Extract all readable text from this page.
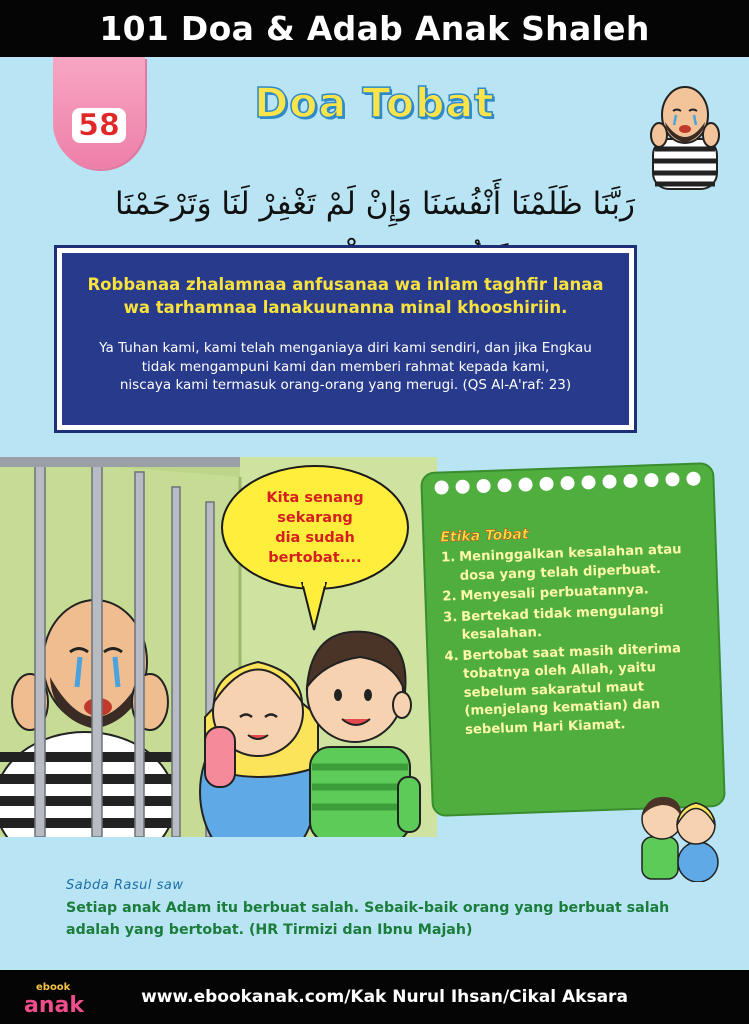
101 Doa & Adab Anak Shaleh
58	Doa Tobat
رَبَّنَا ظَلَمْنَا أَنْفُسَنَا وَإِنْ لَمْ تَغْفِرْ لَنَا وَتَرْحَمْنَا
Robbanaa zhalamnaa anfusanaa wa inlam taghfir lanaa
wa tarhamnaa lanakuunanna minal khooshiriin.
Ya Tuhan kami, kami telah menganiaya diri kami sendiri, dan jika Engkau
tidak mengampuni kami dan memberi rahmat kepada kami,
niscaya kami termasuk orang-orang yang merugi. (QS Al-A'raf: 23)
Kita senang
sekarang
dia sudah
bertobat....
Etika Tobat
1. Meninggalkan kesalahan atau dosa yang telah diperbuat.
2. Menyesali perbuatannya.
3. Bertekad tidak mengulangi kesalahan.
4. Bertobat saat masih diterima tobatnya oleh Allah, yaitu sebelum sakaratul maut (menjelang kematian) dan sebelum Hari Kiamat.
Sabda Rasul saw
Setiap anak Adam itu berbuat salah. Sebaik-baik orang yang berbuat salah
adalah yang bertobat. (HR Tirmizi dan Ibnu Majah)
www.ebookanak.com/Kak Nurul Ihsan/Cikal Aksara
ebook
anak
